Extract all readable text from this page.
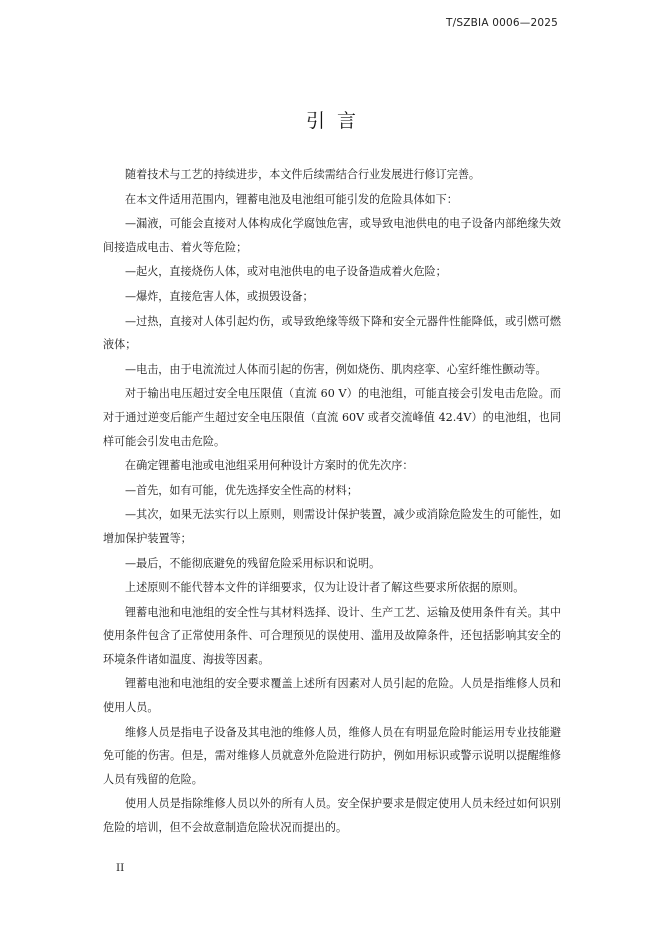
T/SZBIA 0006—2025
引言

随着技术与工艺的持续进步，本文件后续需结合行业发展进行修订完善。

在本文件适用范围内，锂蓄电池及电池组可能引发的危险具体如下：

—漏液，可能会直接对人体构成化学腐蚀危害，或导致电池供电的电子设备内部绝缘失效间接造成电击、着火等危险；

—起火，直接烧伤人体，或对电池供电的电子设备造成着火危险；

—爆炸，直接危害人体，或损毁设备；

—过热，直接对人体引起灼伤，或导致绝缘等级下降和安全元器件性能降低，或引燃可燃液体；

—电击，由于电流流过人体而引起的伤害，例如烧伤、肌肉痉挛、心室纤维性颤动等。

对于输出电压超过安全电压限值（直流 60 V）的电池组，可能直接会引发电击危险。而对于通过逆变后能产生超过安全电压限值（直流 60V 或者交流峰值 42.4V）的电池组，也同样可能会引发电击危险。

在确定锂蓄电池或电池组采用何种设计方案时的优先次序：

—首先，如有可能，优先选择安全性高的材料；

—其次，如果无法实行以上原则，则需设计保护装置，减少或消除危险发生的可能性，如增加保护装置等；

—最后，不能彻底避免的残留危险采用标识和说明。

上述原则不能代替本文件的详细要求，仅为让设计者了解这些要求所依据的原则。

锂蓄电池和电池组的安全性与其材料选择、设计、生产工艺、运输及使用条件有关。其中使用条件包含了正常使用条件、可合理预见的误使用、滥用及故障条件，还包括影响其安全的环境条件诸如温度、海拔等因素。

锂蓄电池和电池组的安全要求覆盖上述所有因素对人员引起的危险。人员是指维修人员和使用人员。

维修人员是指电子设备及其电池的维修人员，维修人员在有明显危险时能运用专业技能避免可能的伤害。但是，需对维修人员就意外危险进行防护，例如用标识或警示说明以提醒维修人员有残留的危险。

使用人员是指除维修人员以外的所有人员。安全保护要求是假定使用人员未经过如何识别危险的培训，但不会故意制造危险状况而提出的。

II
